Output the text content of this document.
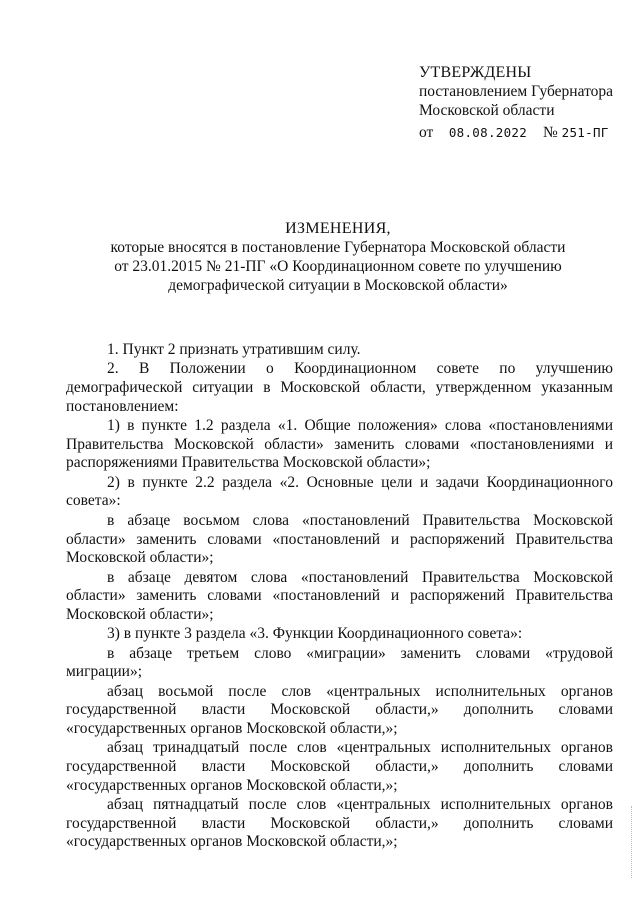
УТВЕРЖДЕНЫ
постановлением Губернатора
Московской области
от 08.08.2022 № 251-ПГ
ИЗМЕНЕНИЯ,
которые вносятся в постановление Губернатора Московской области
от 23.01.2015 № 21-ПГ «О Координационном совете по улучшению
демографической ситуации в Московской области»

1. Пункт 2 признать утратившим силу.

2. В Положении о Координационном совете по улучшению демографической ситуации в Московской области, утвержденном указанным постановлением:

1) в пункте 1.2 раздела «1. Общие положения» слова «постановлениями Правительства Московской области» заменить словами «постановлениями и распоряжениями Правительства Московской области»;

2) в пункте 2.2 раздела «2. Основные цели и задачи Координационного совета»:

в абзаце восьмом слова «постановлений Правительства Московской области» заменить словами «постановлений и распоряжений Правительства Московской области»;

в абзаце девятом слова «постановлений Правительства Московской области» заменить словами «постановлений и распоряжений Правительства Московской области»;

3) в пункте 3 раздела «3. Функции Координационного совета»:

в абзаце третьем слово «миграции» заменить словами «трудовой миграции»;

абзац восьмой после слов «центральных исполнительных органов государственной власти Московской области,» дополнить словами «государственных органов Московской области,»;

абзац тринадцатый после слов «центральных исполнительных органов государственной власти Московской области,» дополнить словами «государственных органов Московской области,»;

абзац пятнадцатый после слов «центральных исполнительных органов государственной власти Московской области,» дополнить словами «государственных органов Московской области,»;
